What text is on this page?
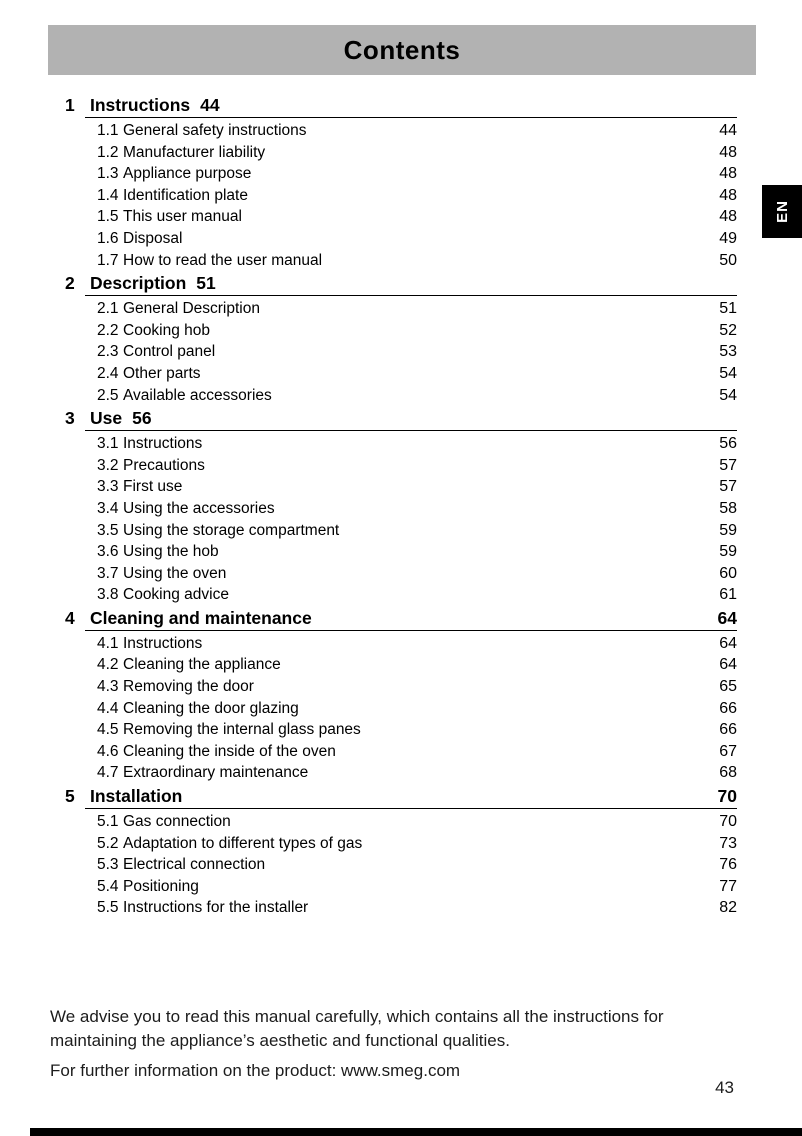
Contents
EN
1 Instructions 44
1.1 General safety instructions	44
1.2 Manufacturer liability	48
1.3 Appliance purpose	48
1.4 Identification plate	48
1.5 This user manual	48
1.6 Disposal	49
1.7 How to read the user manual	50
2 Description 51
2.1 General Description	51
2.2 Cooking hob	52
2.3 Control panel	53
2.4 Other parts	54
2.5 Available accessories	54
3 Use 56
3.1 Instructions	56
3.2 Precautions	57
3.3 First use	57
3.4 Using the accessories	58
3.5 Using the storage compartment	59
3.6 Using the hob	59
3.7 Using the oven	60
3.8 Cooking advice	61
4 Cleaning and maintenance	64
4.1 Instructions	64
4.2 Cleaning the appliance	64
4.3 Removing the door	65
4.4 Cleaning the door glazing	66
4.5 Removing the internal glass panes	66
4.6 Cleaning the inside of the oven	67
4.7 Extraordinary maintenance	68
5 Installation	70
5.1 Gas connection	70
5.2 Adaptation to different types of gas	73
5.3 Electrical connection	76
5.4 Positioning	77
5.5 Instructions for the installer	82
We advise you to read this manual carefully, which contains all the instructions for
maintaining the appliance’s aesthetic and functional qualities.
For further information on the product: www.smeg.com
43
